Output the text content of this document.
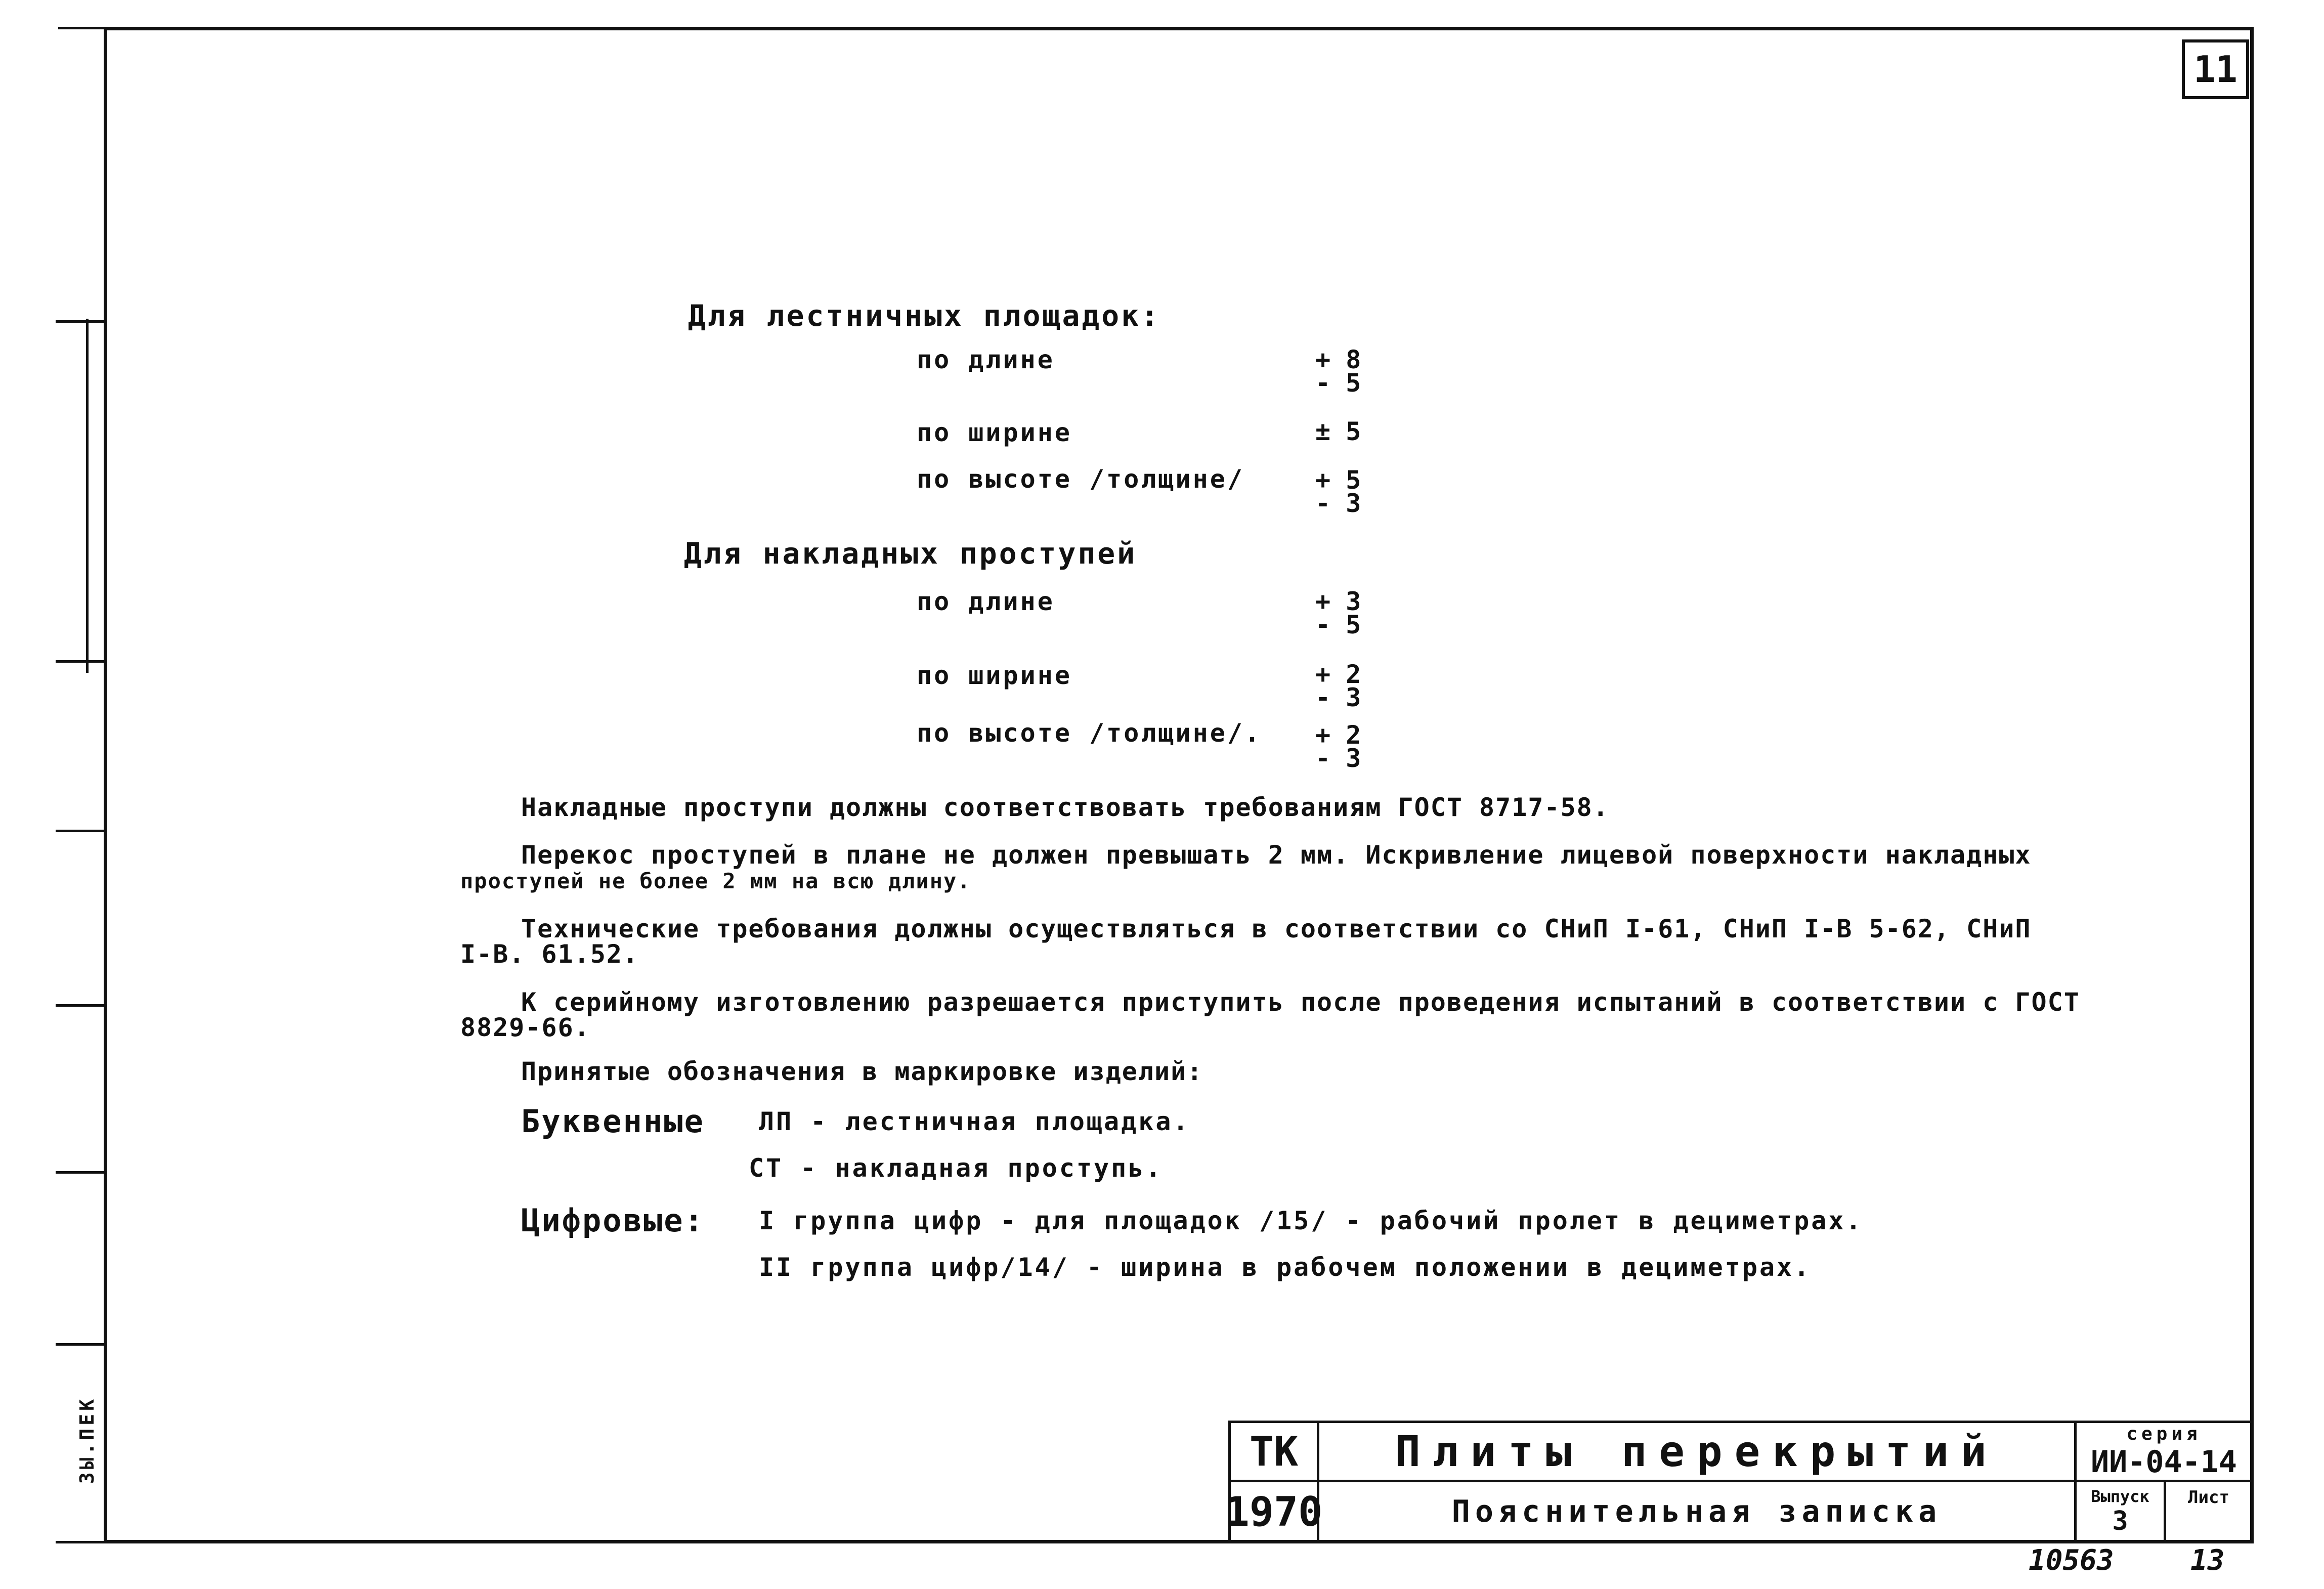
ЗЫ.ПЕК
11
Для лестничных площадок:
по длине	+ 8
- 5
по ширине	± 5
по высоте /толщине/	+ 5
- 3
Для накладных проступей
по длине	+ 3
- 5
по ширине	+ 2
- 3
по высоте /толщине/. + 2
- 3
Накладные проступи должны соответствовать требованиям ГОСТ 8717-58.
Перекос проступей в плане не должен превышать 2 мм. Искривление лицевой поверхности накладных
проступей не более 2 мм на всю длину.
Технические требования должны осуществляться в соответствии со СНиП I-61, СНиП I-В 5-62, СНиП
I-В. 61.52.
К серийному изготовлению разрешается приступить после проведения испытаний в соответствии с ГОСТ
8829-66.
Принятые обозначения в маркировке изделий:
Буквенные ЛП - лестничная площадка.
СТ - накладная проступь.
Цифровые: I группа цифр - для площадок /15/ - рабочий пролет в дециметрах.
II группа цифр/14/ - ширина в рабочем положении в дециметрах.
ТК
1970
Плиты перекрытий
Пояснительная записка
серия
ИИ-04-14
Выпуск
3
Лист
10563	13
